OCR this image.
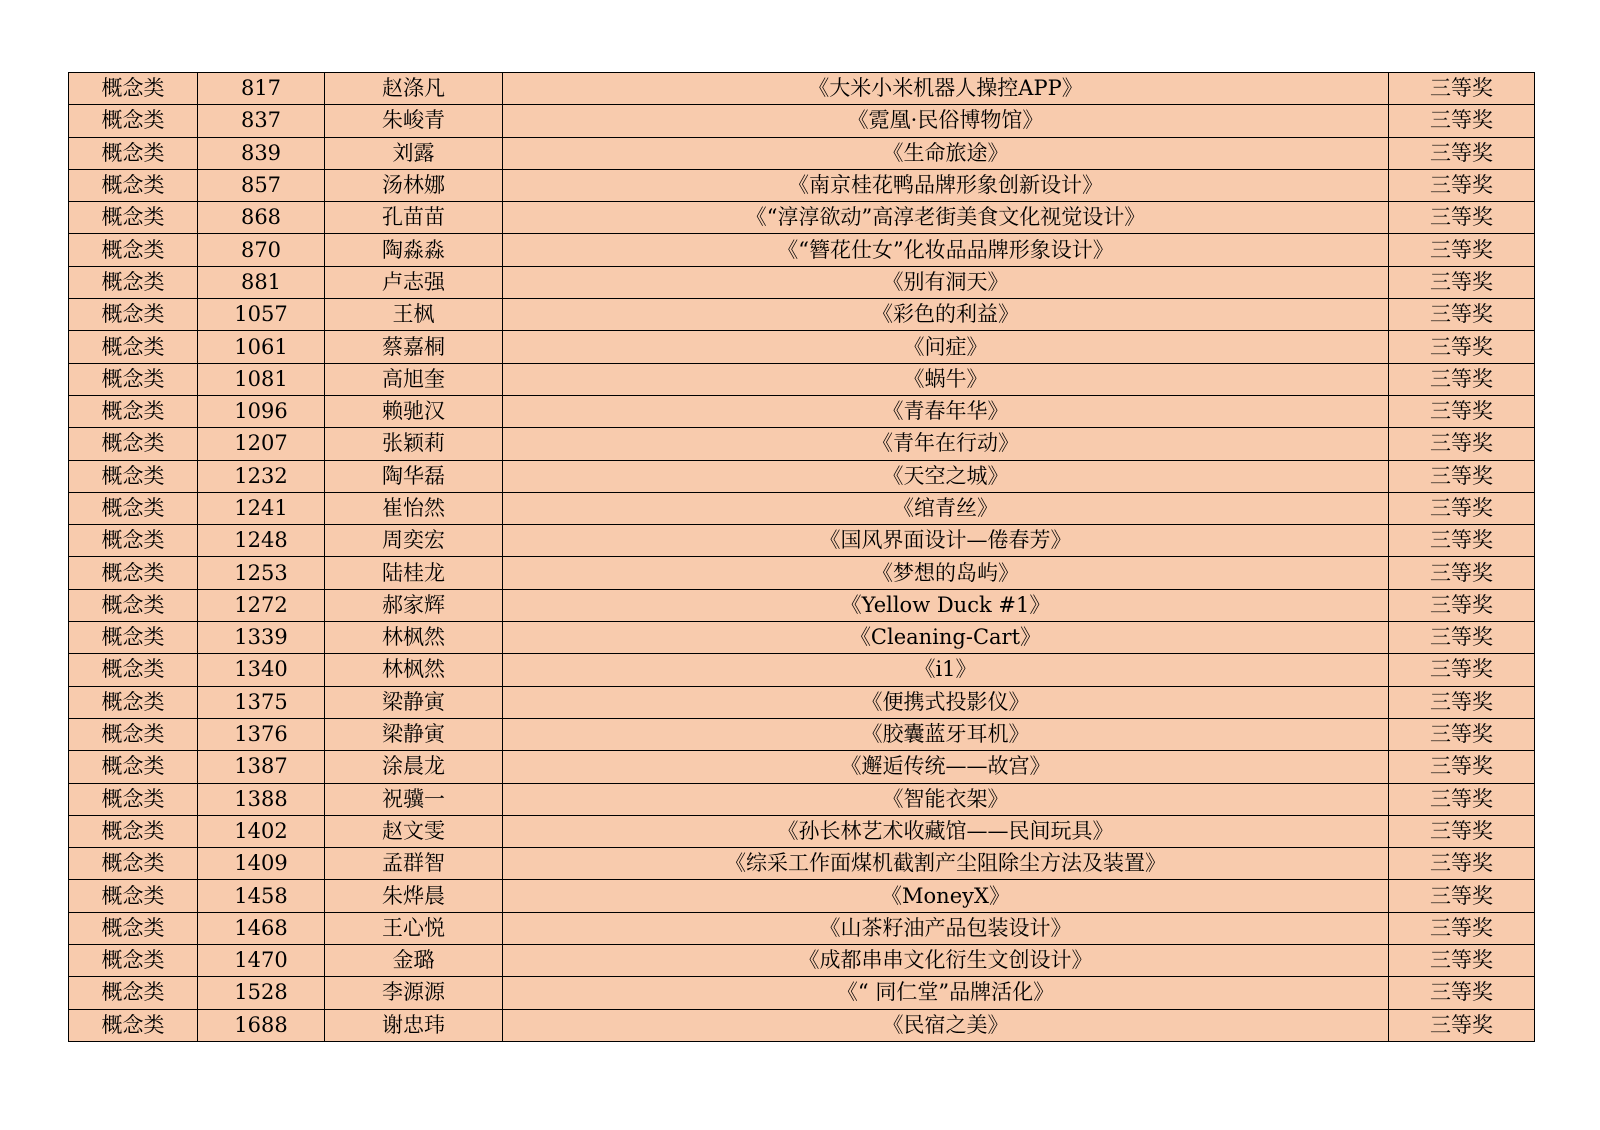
概念类	817	赵涤凡	《大米小米机器人操控APP》	三等奖
概念类	837	朱峻青	《霓凰·民俗博物馆》	三等奖
概念类	839	刘露	《生命旅途》	三等奖
概念类	857	汤林娜	《南京桂花鸭品牌形象创新设计》	三等奖
概念类	868	孔苗苗	《“淳淳欲动”高淳老街美食文化视觉设计》	三等奖
概念类	870	陶淼淼	《“簪花仕女”化妆品品牌形象设计》	三等奖
概念类	881	卢志强	《别有洞天》	三等奖
概念类	1057	王枫	《彩色的利益》	三等奖
概念类	1061	蔡嘉桐	《问症》	三等奖
概念类	1081	高旭奎	《蜗牛》	三等奖
概念类	1096	赖驰汉	《青春年华》	三等奖
概念类	1207	张颖莉	《青年在行动》	三等奖
概念类	1232	陶华磊	《天空之城》	三等奖
概念类	1241	崔怡然	《绾青丝》	三等奖
概念类	1248	周奕宏	《国风界面设计—倦春芳》	三等奖
概念类	1253	陆桂龙	《梦想的岛屿》	三等奖
概念类	1272	郝家辉	《Yellow Duck #1》	三等奖
概念类	1339	林枫然	《Cleaning-Cart》	三等奖
概念类	1340	林枫然	《i1》	三等奖
概念类	1375	梁静寅	《便携式投影仪》	三等奖
概念类	1376	梁静寅	《胶囊蓝牙耳机》	三等奖
概念类	1387	涂晨龙	《邂逅传统——故宫》	三等奖
概念类	1388	祝骥一	《智能衣架》	三等奖
概念类	1402	赵文雯	《孙长林艺术收藏馆——民间玩具》	三等奖
概念类	1409	孟群智	《综采工作面煤机截割产尘阻除尘方法及装置》	三等奖
概念类	1458	朱烨晨	《MoneyX》	三等奖
概念类	1468	王心悦	《山茶籽油产品包装设计》	三等奖
概念类	1470	金璐	《成都串串文化衍生文创设计》	三等奖
概念类	1528	李源源	《“ 同仁堂”品牌活化》	三等奖
概念类	1688	谢忠玮	《民宿之美》	三等奖
